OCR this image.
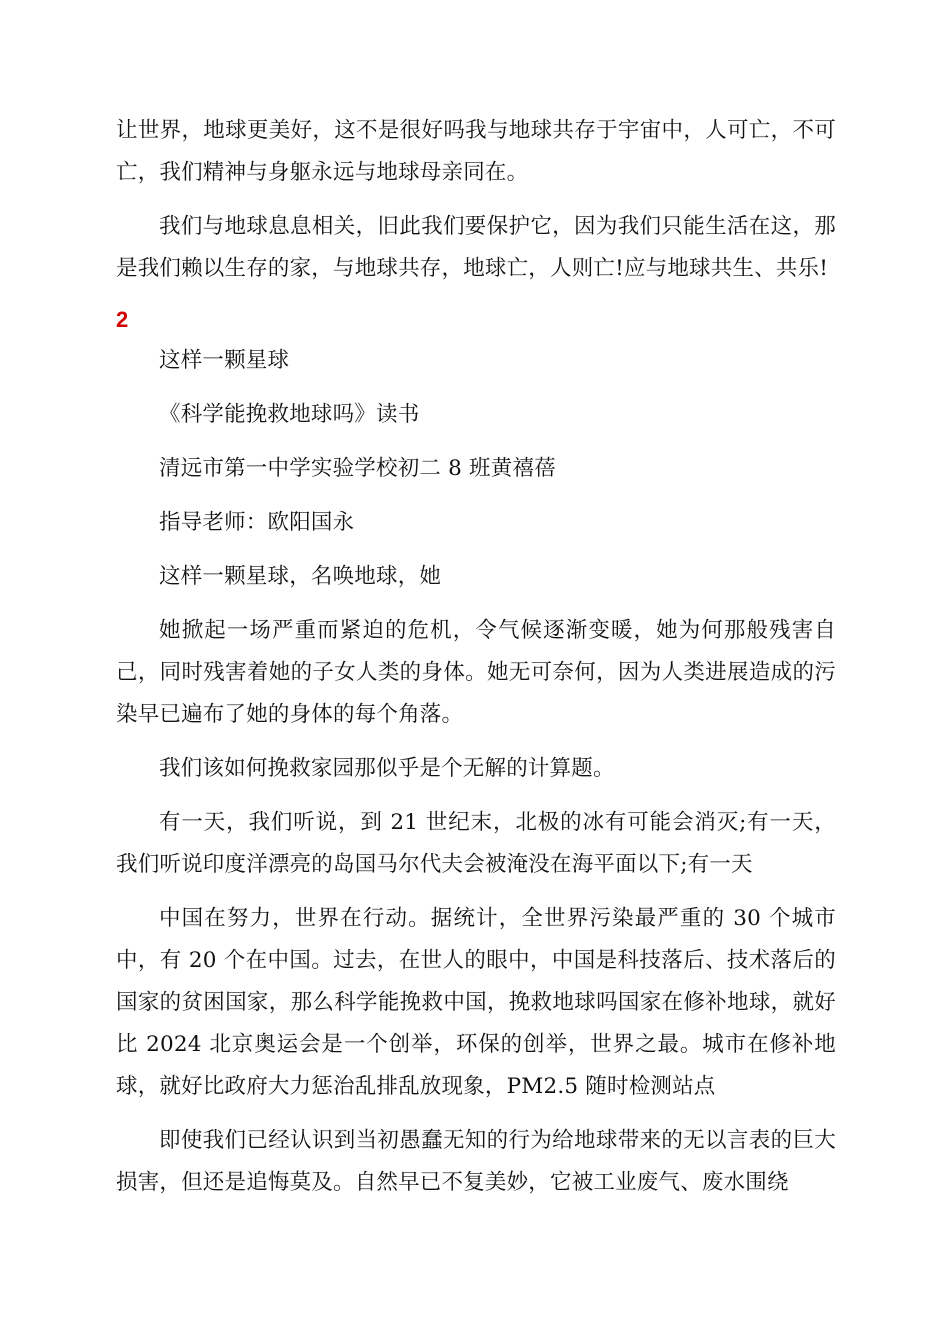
让世界，地球更美好，这不是很好吗我与地球共存于宇宙中，人可亡，不可亡，我们精神与身躯永远与地球母亲同在。

我们与地球息息相关，旧此我们要保护它，因为我们只能生活在这，那是我们赖以生存的家，与地球共存，地球亡，人则亡!应与地球共生、共乐!

2

这样一颗星球

《科学能挽救地球吗》读书

清远市第一中学实验学校初二 8 班黄禧蓓

指导老师：欧阳国永

这样一颗星球，名唤地球，她

她掀起一场严重而紧迫的危机，令气候逐渐变暖，她为何那般残害自己，同时残害着她的子女人类的身体。她无可奈何，因为人类进展造成的污染早已遍布了她的身体的每个角落。

我们该如何挽救家园那似乎是个无解的计算题。

有一天，我们听说，到 21 世纪末，北极的冰有可能会消灭;有一天，我们听说印度洋漂亮的岛国马尔代夫会被淹没在海平面以下;有一天

中国在努力，世界在行动。据统计，全世界污染最严重的 30 个城市中，有 20 个在中国。过去，在世人的眼中，中国是科技落后、技术落后的国家的贫困国家，那么科学能挽救中国，挽救地球吗国家在修补地球，就好比 2024 北京奥运会是一个创举，环保的创举，世界之最。城市在修补地球，就好比政府大力惩治乱排乱放现象，PM2.5 随时检测站点

即使我们已经认识到当初愚蠢无知的行为给地球带来的无以言表的巨大损害，但还是追悔莫及。自然早已不复美妙，它被工业废气、废水围绕
